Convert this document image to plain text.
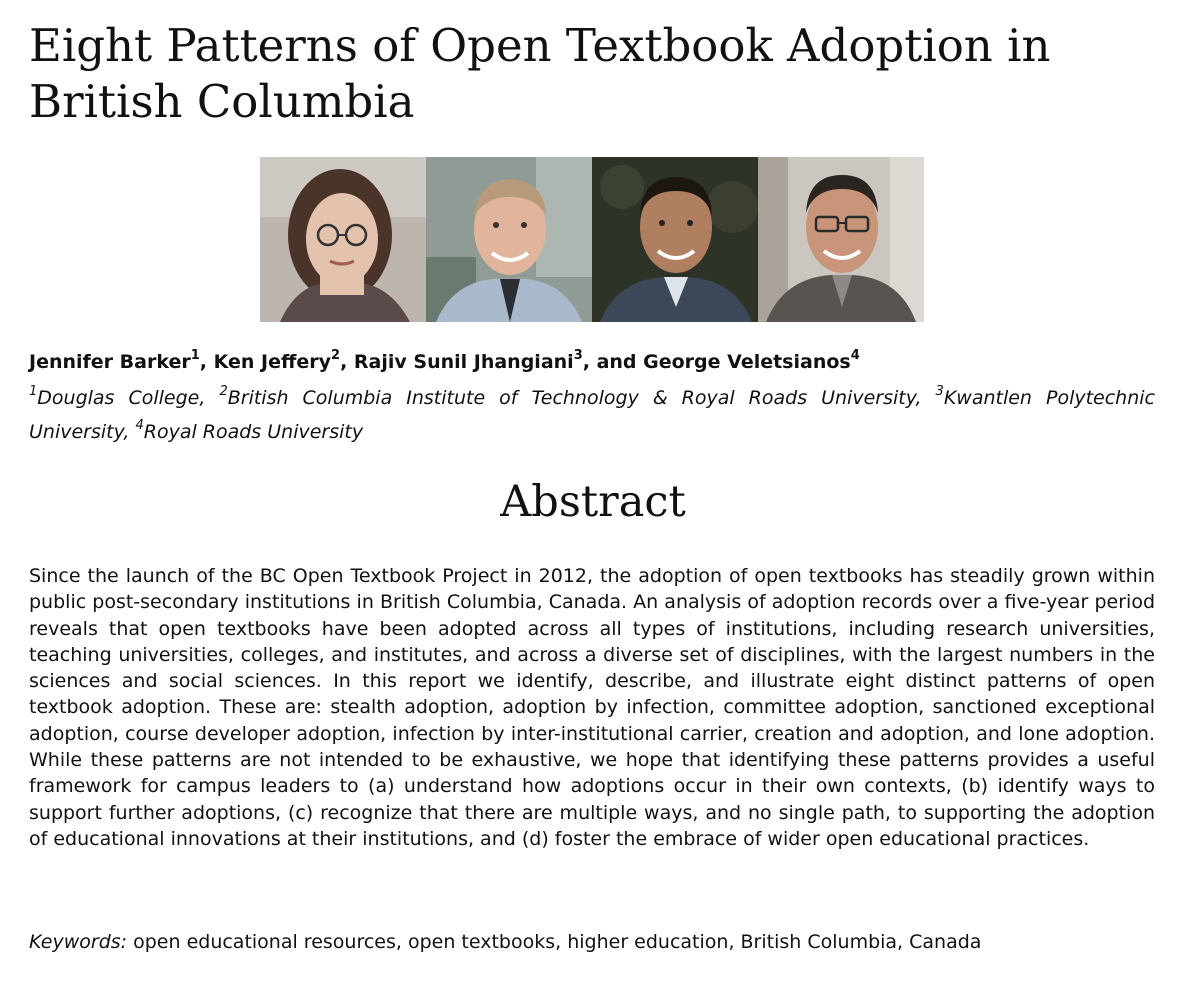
Eight Patterns of Open Textbook Adoption in British Columbia

Jennifer Barker$^1$, Ken Jeffery$^2$, Rajiv Sunil Jhangiani$^3$, and George Veletsianos$^4$

$^1$Douglas College, $^2$British Columbia Institute of Technology & Royal Roads University, $^3$Kwantlen Polytechnic University, $^4$Royal Roads University

Abstract

Since the launch of the BC Open Textbook Project in 2012, the adoption of open textbooks has steadily grown within public post-secondary institutions in British Columbia, Canada. An analysis of adoption records over a five-year period reveals that open textbooks have been adopted across all types of institutions, including research universities, teaching universities, colleges, and institutes, and across a diverse set of disciplines, with the largest numbers in the sciences and social sciences. In this report we identify, describe, and illustrate eight distinct patterns of open textbook adoption. These are: stealth adoption, adoption by infection, committee adoption, sanctioned exceptional adoption, course developer adoption, infection by inter-institutional carrier, creation and adoption, and lone adoption. While these patterns are not intended to be exhaustive, we hope that identifying these patterns provides a useful framework for campus leaders to (a) understand how adoptions occur in their own contexts, (b) identify ways to support further adoptions, (c) recognize that there are multiple ways, and no single path, to supporting the adoption of educational innovations at their institutions, and (d) foster the embrace of wider open educational practices.

Keywords: open educational resources, open textbooks, higher education, British Columbia, Canada
